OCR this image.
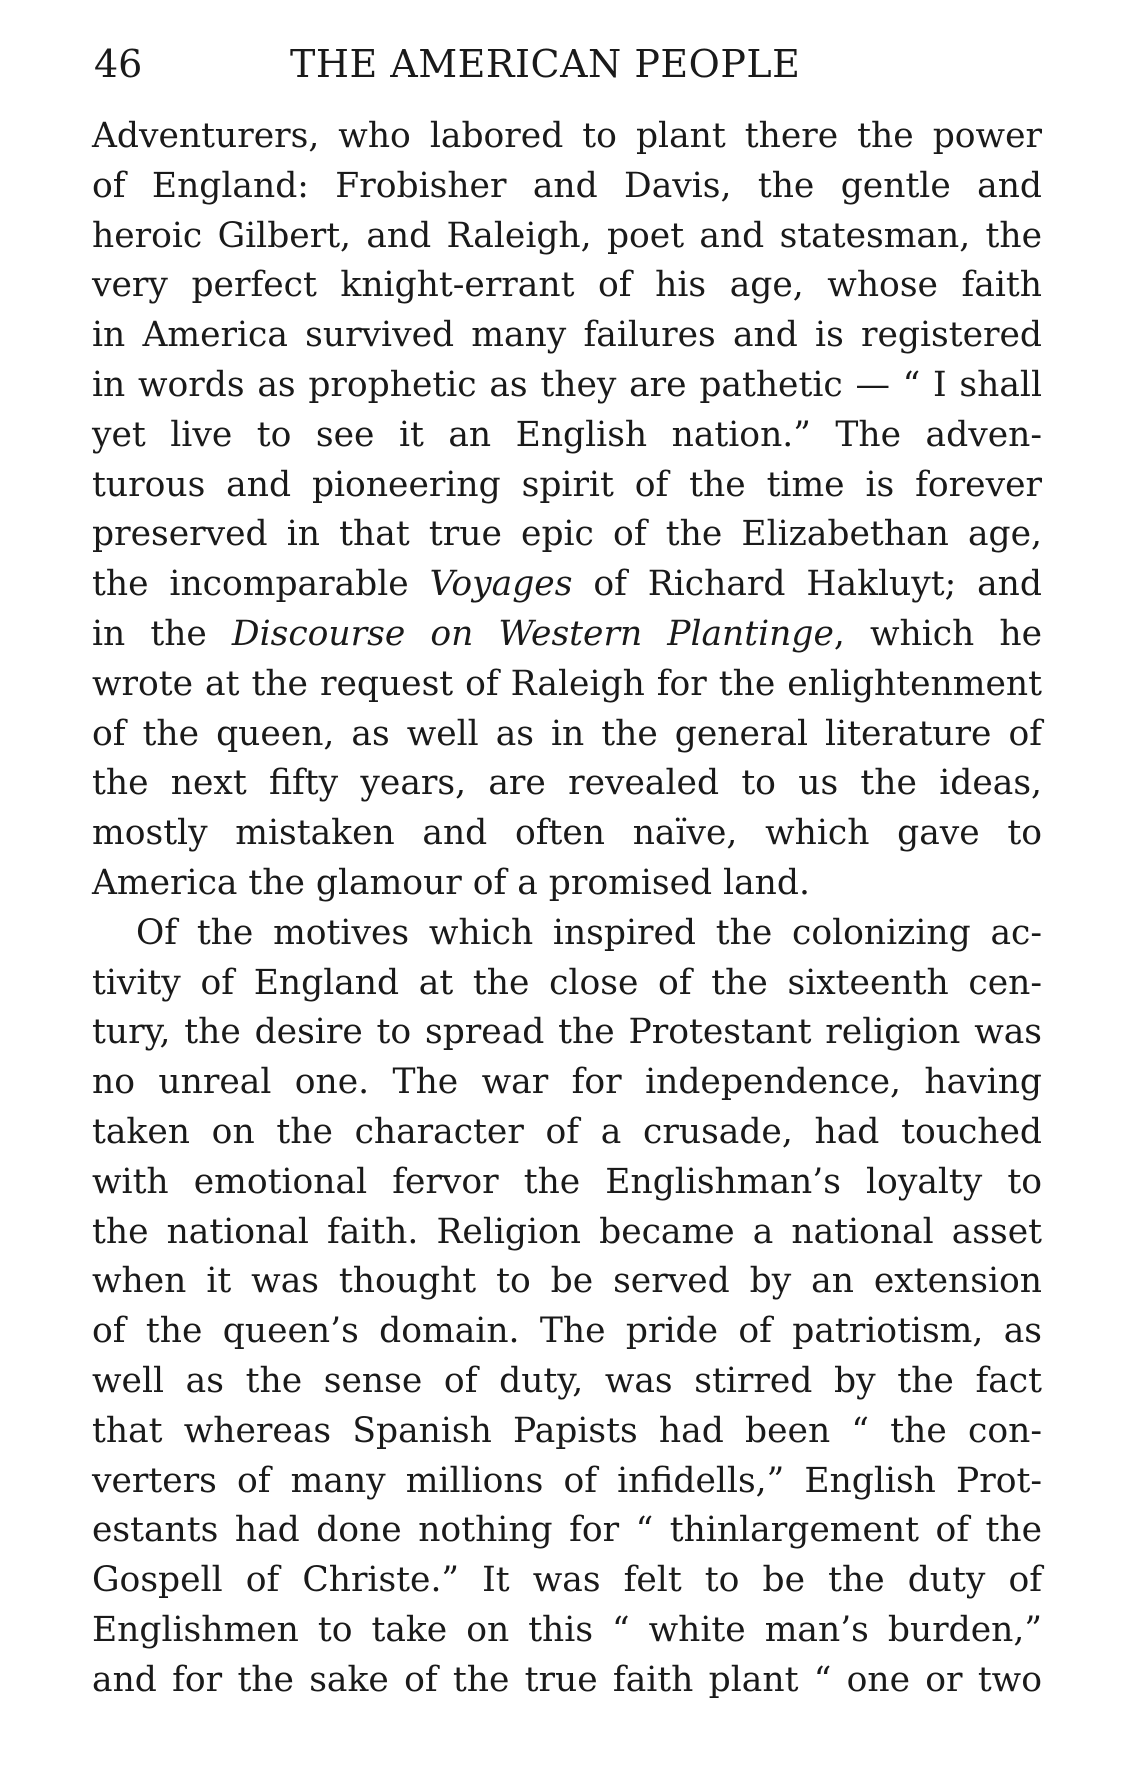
46	THE AMERICAN PEOPLE
Adventurers, who labored to plant there the power
of England: Frobisher and Davis, the gentle and
heroic Gilbert, and Raleigh, poet and statesman, the
very perfect knight-errant of his age, whose faith
in America survived many failures and is registered
in words as prophetic as they are pathetic — “ I shall
yet live to see it an English nation.” The adven-
turous and pioneering spirit of the time is forever
preserved in that true epic of the Elizabethan age,
the incomparable Voyages of Richard Hakluyt; and
in the Discourse on Western Plantinge, which he
wrote at the request of Raleigh for the enlightenment
of the queen, as well as in the general literature of
the next fifty years, are revealed to us the ideas,
mostly mistaken and often naïve, which gave to
America the glamour of a promised land.
Of the motives which inspired the colonizing ac-
tivity of England at the close of the sixteenth cen-
tury, the desire to spread the Protestant religion was
no unreal one. The war for independence, having
taken on the character of a crusade, had touched
with emotional fervor the Englishman’s loyalty to
the national faith. Religion became a national asset
when it was thought to be served by an extension
of the queen’s domain. The pride of patriotism, as
well as the sense of duty, was stirred by the fact
that whereas Spanish Papists had been “ the con-
verters of many millions of infidells,” English Prot-
estants had done nothing for “ thinlargement of the
Gospell of Christe.” It was felt to be the duty of
Englishmen to take on this “ white man’s burden,”
and for the sake of the true faith plant “ one or two
